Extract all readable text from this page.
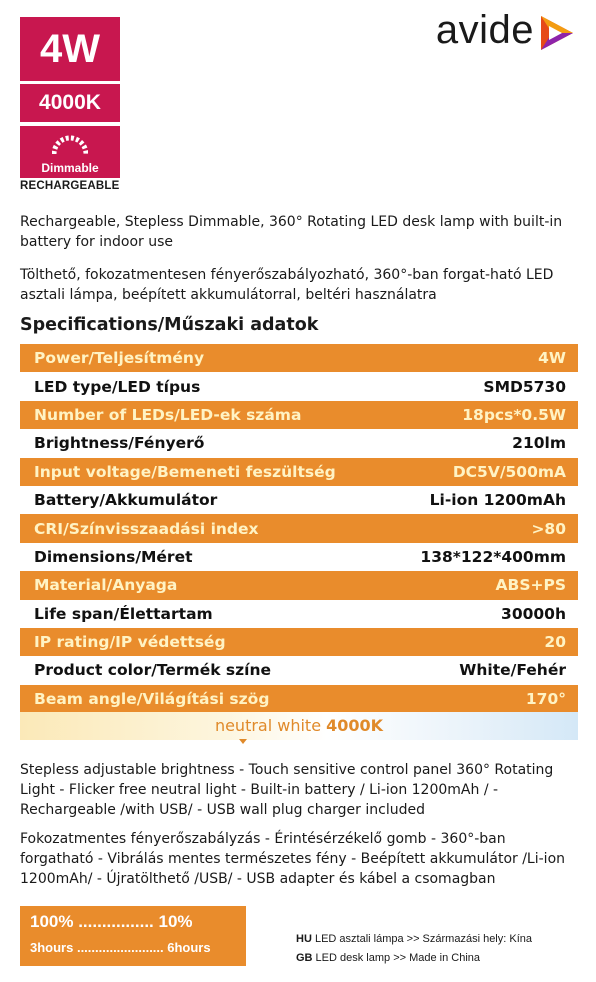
4W
4000K
Dimmable
RECHARGEABLE
avide
Rechargeable, Stepless Dimmable, 360° Rotating LED desk lamp with built-in battery for indoor use
Tölthető, fokozatmentesen fényerőszabályozható, 360°-ban forgat-ható LED asztali lámpa, beépített akkumulátorral, beltéri használatra
Specifications/Műszaki adatok
Power/Teljesítmény	4W
LED type/LED típus	SMD5730
Number of LEDs/LED-ek száma	18pcs*0.5W
Brightness/Fényerő	210lm
Input voltage/Bemeneti feszültség	DC5V/500mA
Battery/Akkumulátor	Li-ion 1200mAh
CRI/Színvisszaadási index	>80
Dimensions/Méret	138*122*400mm
Material/Anyaga	ABS+PS
Life span/Élettartam	30000h
IP rating/IP védettség	20
Product color/Termék színe	White/Fehér
Beam angle/Világítási szög	170°
neutral white 4000K
Stepless adjustable brightness - Touch sensitive control panel 360° Rotating Light - Flicker free neutral light - Built-in battery / Li-ion 1200mAh / - Rechargeable /with USB/ - USB wall plug charger included
Fokozatmentes fényerőszabályzás - Érintésérzékelő gomb - 360°-ban forgatható - Vibrálás mentes természetes fény - Beépített akkumulátor /Li-ion 1200mAh/ - Újratölthető /USB/ - USB adapter és kábel a csomagban
100% ................ 10%
3hours ........................ 6hours
HU LED asztali lámpa >> Származási hely: Kína
GB LED desk lamp >> Made in China
